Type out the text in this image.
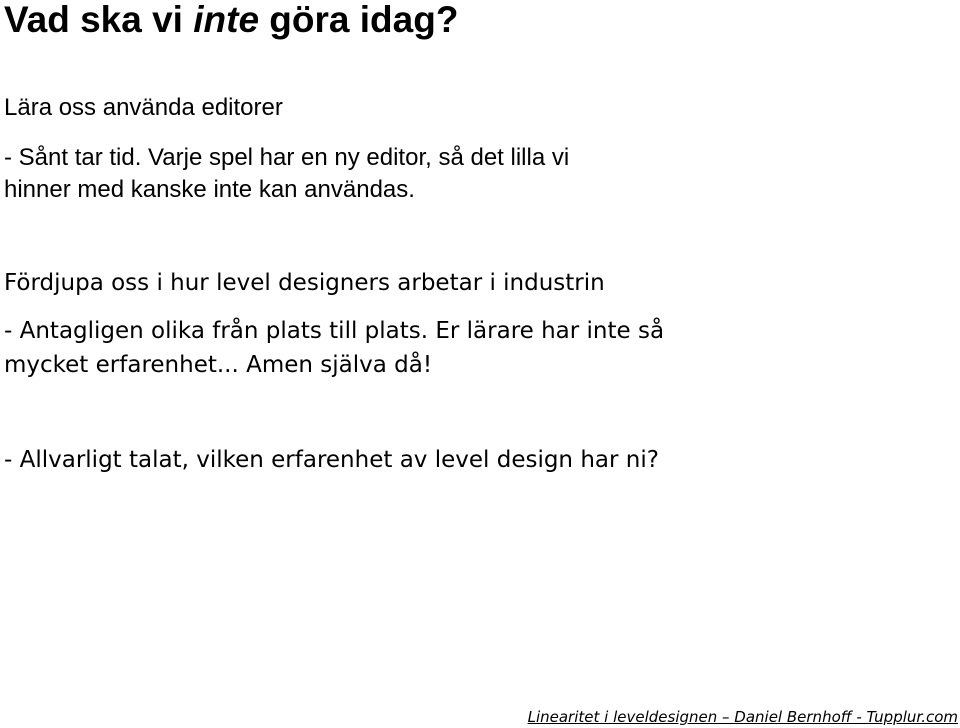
Vad ska vi inte göra idag?

Lära oss använda editorer

- Sånt tar tid. Varje spel har en ny editor, så det lilla vi
hinner med kanske inte kan användas.

Fördjupa oss i hur level designers arbetar i industrin

- Antagligen olika från plats till plats. Er lärare har inte så
mycket erfarenhet... Amen själva då!

- Allvarligt talat, vilken erfarenhet av level design har ni?

Linearitet i leveldesignen – Daniel Bernhoff - Tupplur.com
